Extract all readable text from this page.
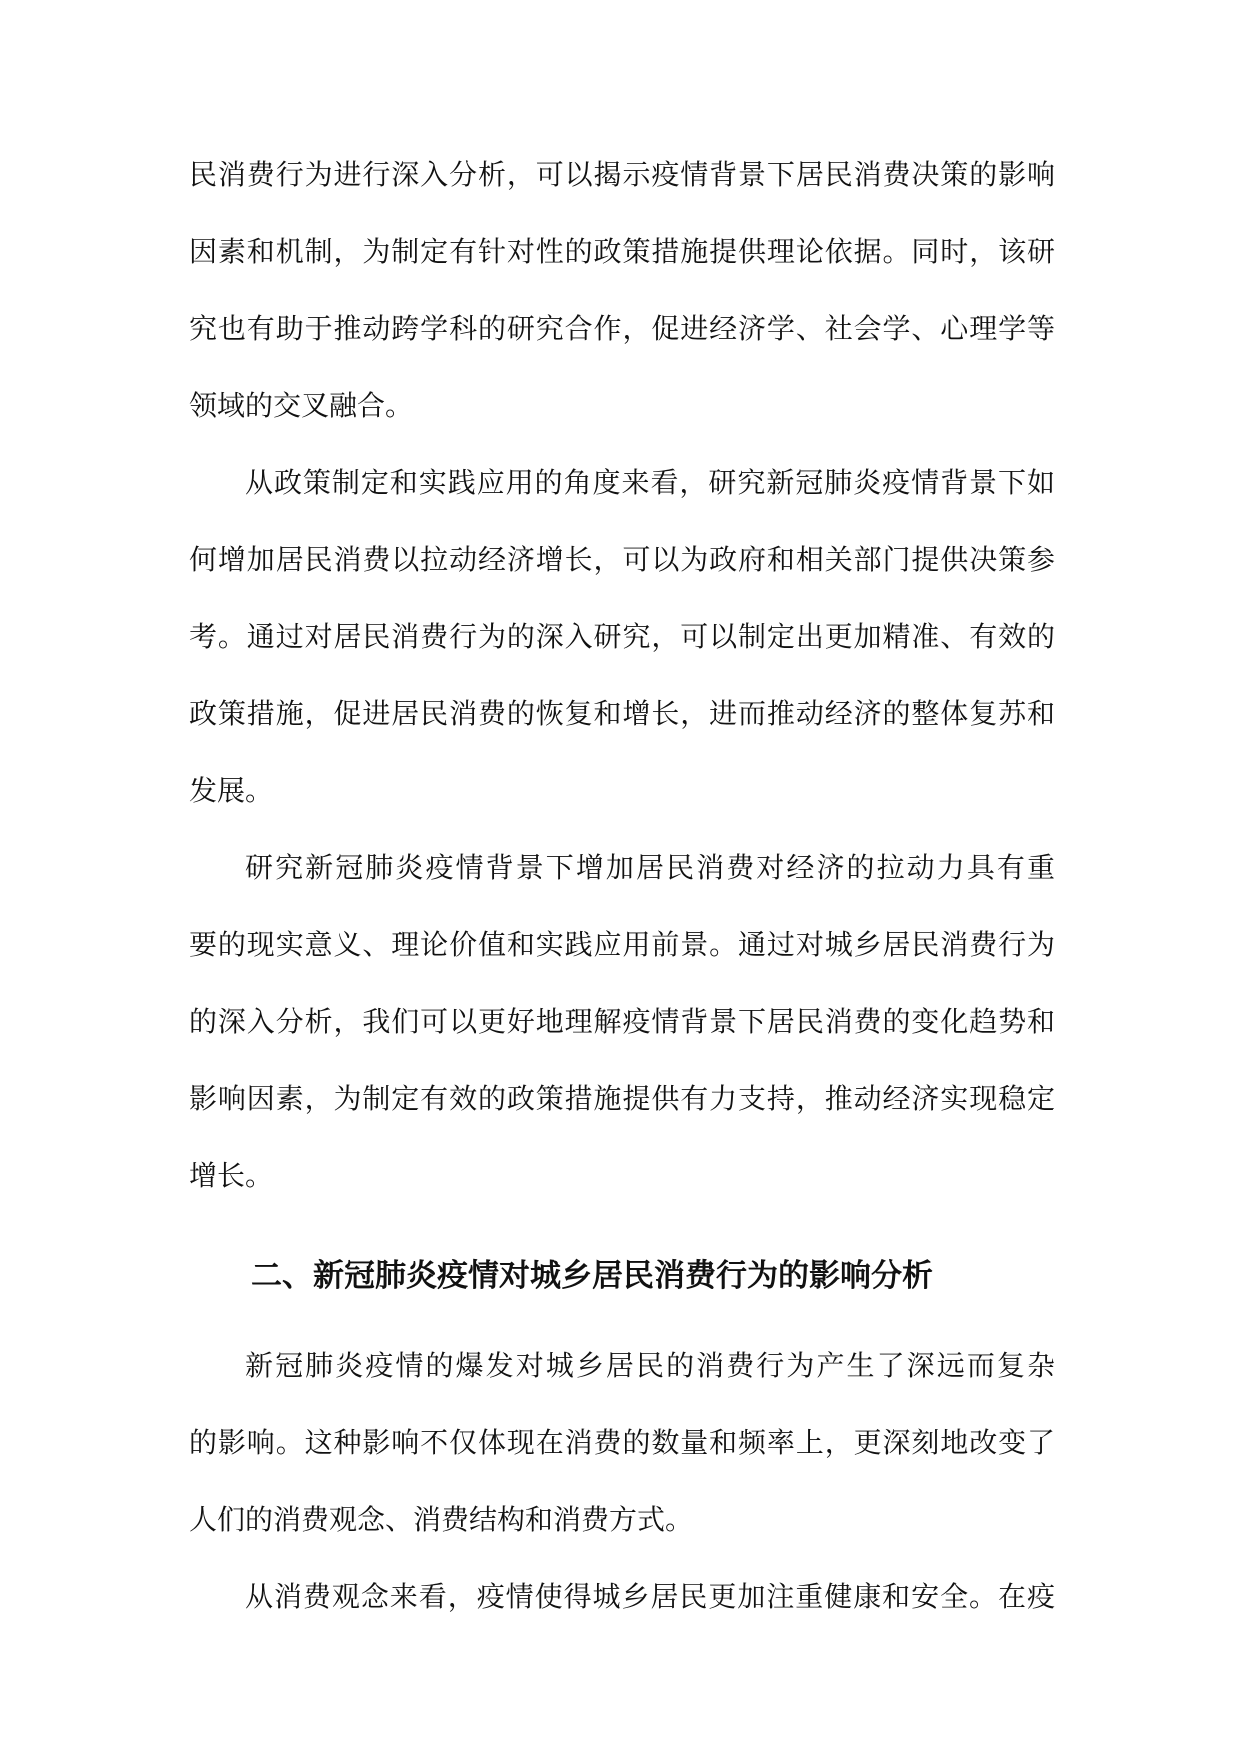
民消费行为进行深入分析，可以揭示疫情背景下居民消费决策的影响
因素和机制，为制定有针对性的政策措施提供理论依据。同时，该研
究也有助于推动跨学科的研究合作，促进经济学、社会学、心理学等
领域的交叉融合。

从政策制定和实践应用的角度来看，研究新冠肺炎疫情背景下如
何增加居民消费以拉动经济增长，可以为政府和相关部门提供决策参
考。通过对居民消费行为的深入研究，可以制定出更加精准、有效的
政策措施，促进居民消费的恢复和增长，进而推动经济的整体复苏和
发展。

研究新冠肺炎疫情背景下增加居民消费对经济的拉动力具有重
要的现实意义、理论价值和实践应用前景。通过对城乡居民消费行为
的深入分析，我们可以更好地理解疫情背景下居民消费的变化趋势和
影响因素，为制定有效的政策措施提供有力支持，推动经济实现稳定
增长。

二、新冠肺炎疫情对城乡居民消费行为的影响分析

新冠肺炎疫情的爆发对城乡居民的消费行为产生了深远而复杂
的影响。这种影响不仅体现在消费的数量和频率上，更深刻地改变了
人们的消费观念、消费结构和消费方式。

从消费观念来看，疫情使得城乡居民更加注重健康和安全。在疫
